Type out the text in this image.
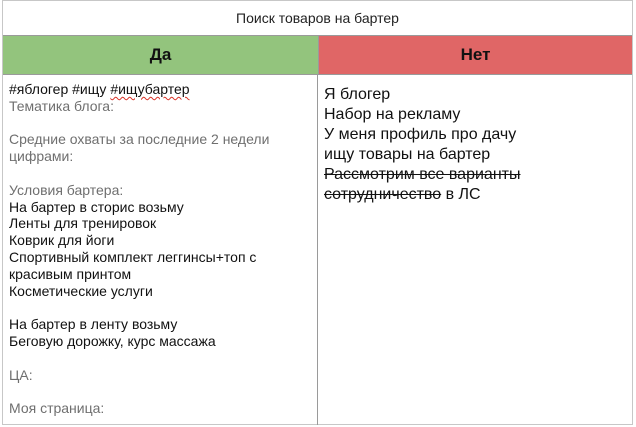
Поиск товаров на бартер
Да	Нет
#яблогер #ищу #ищубартер
Тематика блога:
Средние охваты за последние 2 недели цифрами:
Условия бартера:
На бартер в сторис возьму
Ленты для тренировок
Коврик для йоги
Спортивный комплект леггинсы+топ с красивым принтом
Косметические услуги
На бартер в ленту возьму
Беговую дорожку, курс массажа
ЦА:
Моя страница:
Я блогер
Набор на рекламу
У меня профиль про дачу
ищу товары на бартер
Рассмотрим все варианты
сотрудничество в ЛС
